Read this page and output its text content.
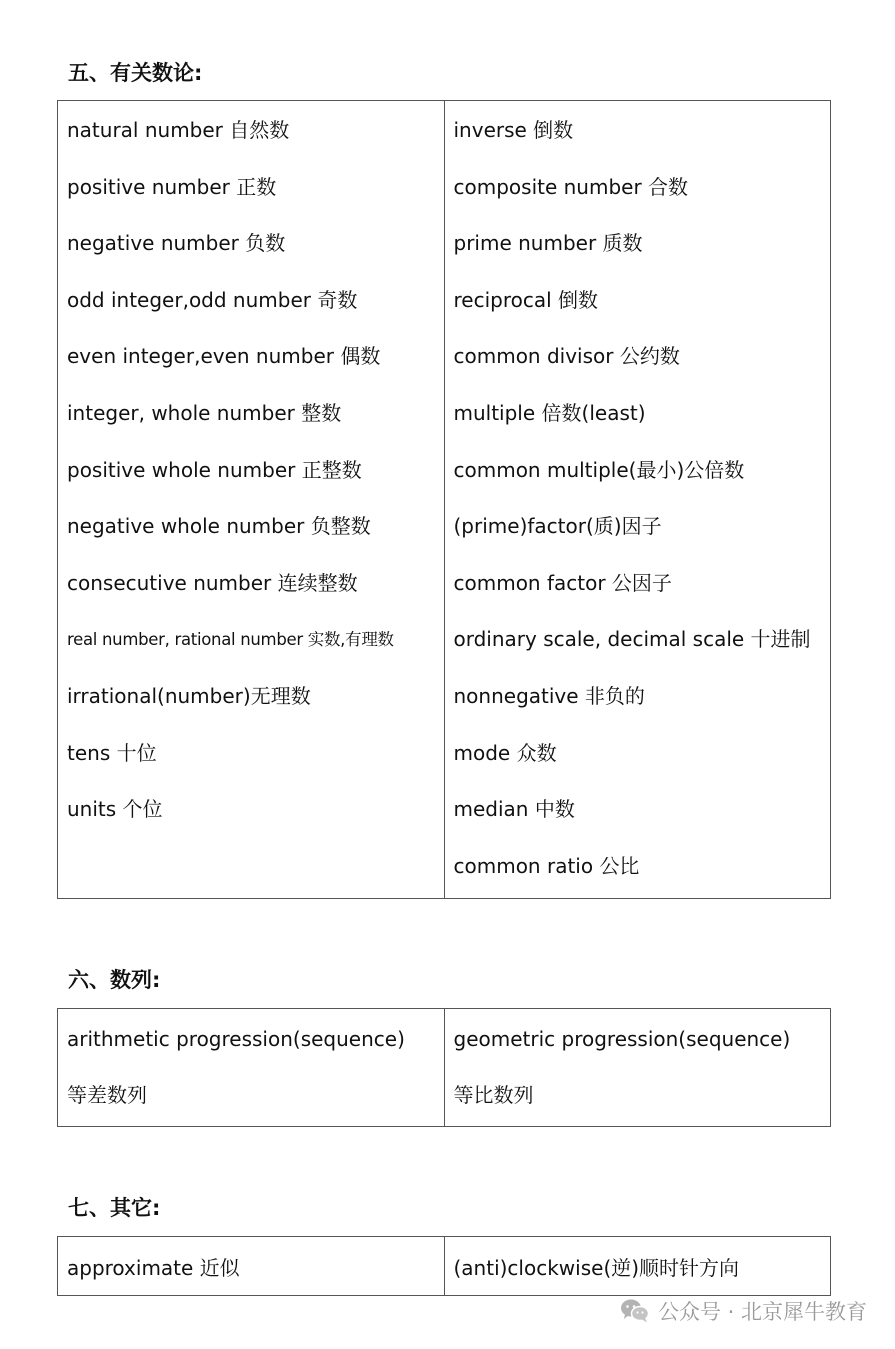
五、有关数论:
natural number 自然数
positive number 正数
negative number 负数
odd integer,odd number 奇数
even integer,even number 偶数
integer, whole number 整数
positive whole number 正整数
negative whole number 负整数
consecutive number 连续整数
real number, rational number 实数,有理数
irrational(number)无理数
tens 十位
units 个位

inverse 倒数
composite number 合数
prime number 质数
reciprocal 倒数
common divisor 公约数
multiple 倍数(least)
common multiple(最小)公倍数
(prime)factor(质)因子
common factor 公因子
ordinary scale, decimal scale 十进制
nonnegative 非负的
mode 众数
median 中数
common ratio 公比
六、数列:
arithmetic progression(sequence)
等差数列

geometric progression(sequence)
等比数列
七、其它:
approximate 近似	(anti)clockwise(逆)顺时针方向
公众号 · 北京犀牛教育
